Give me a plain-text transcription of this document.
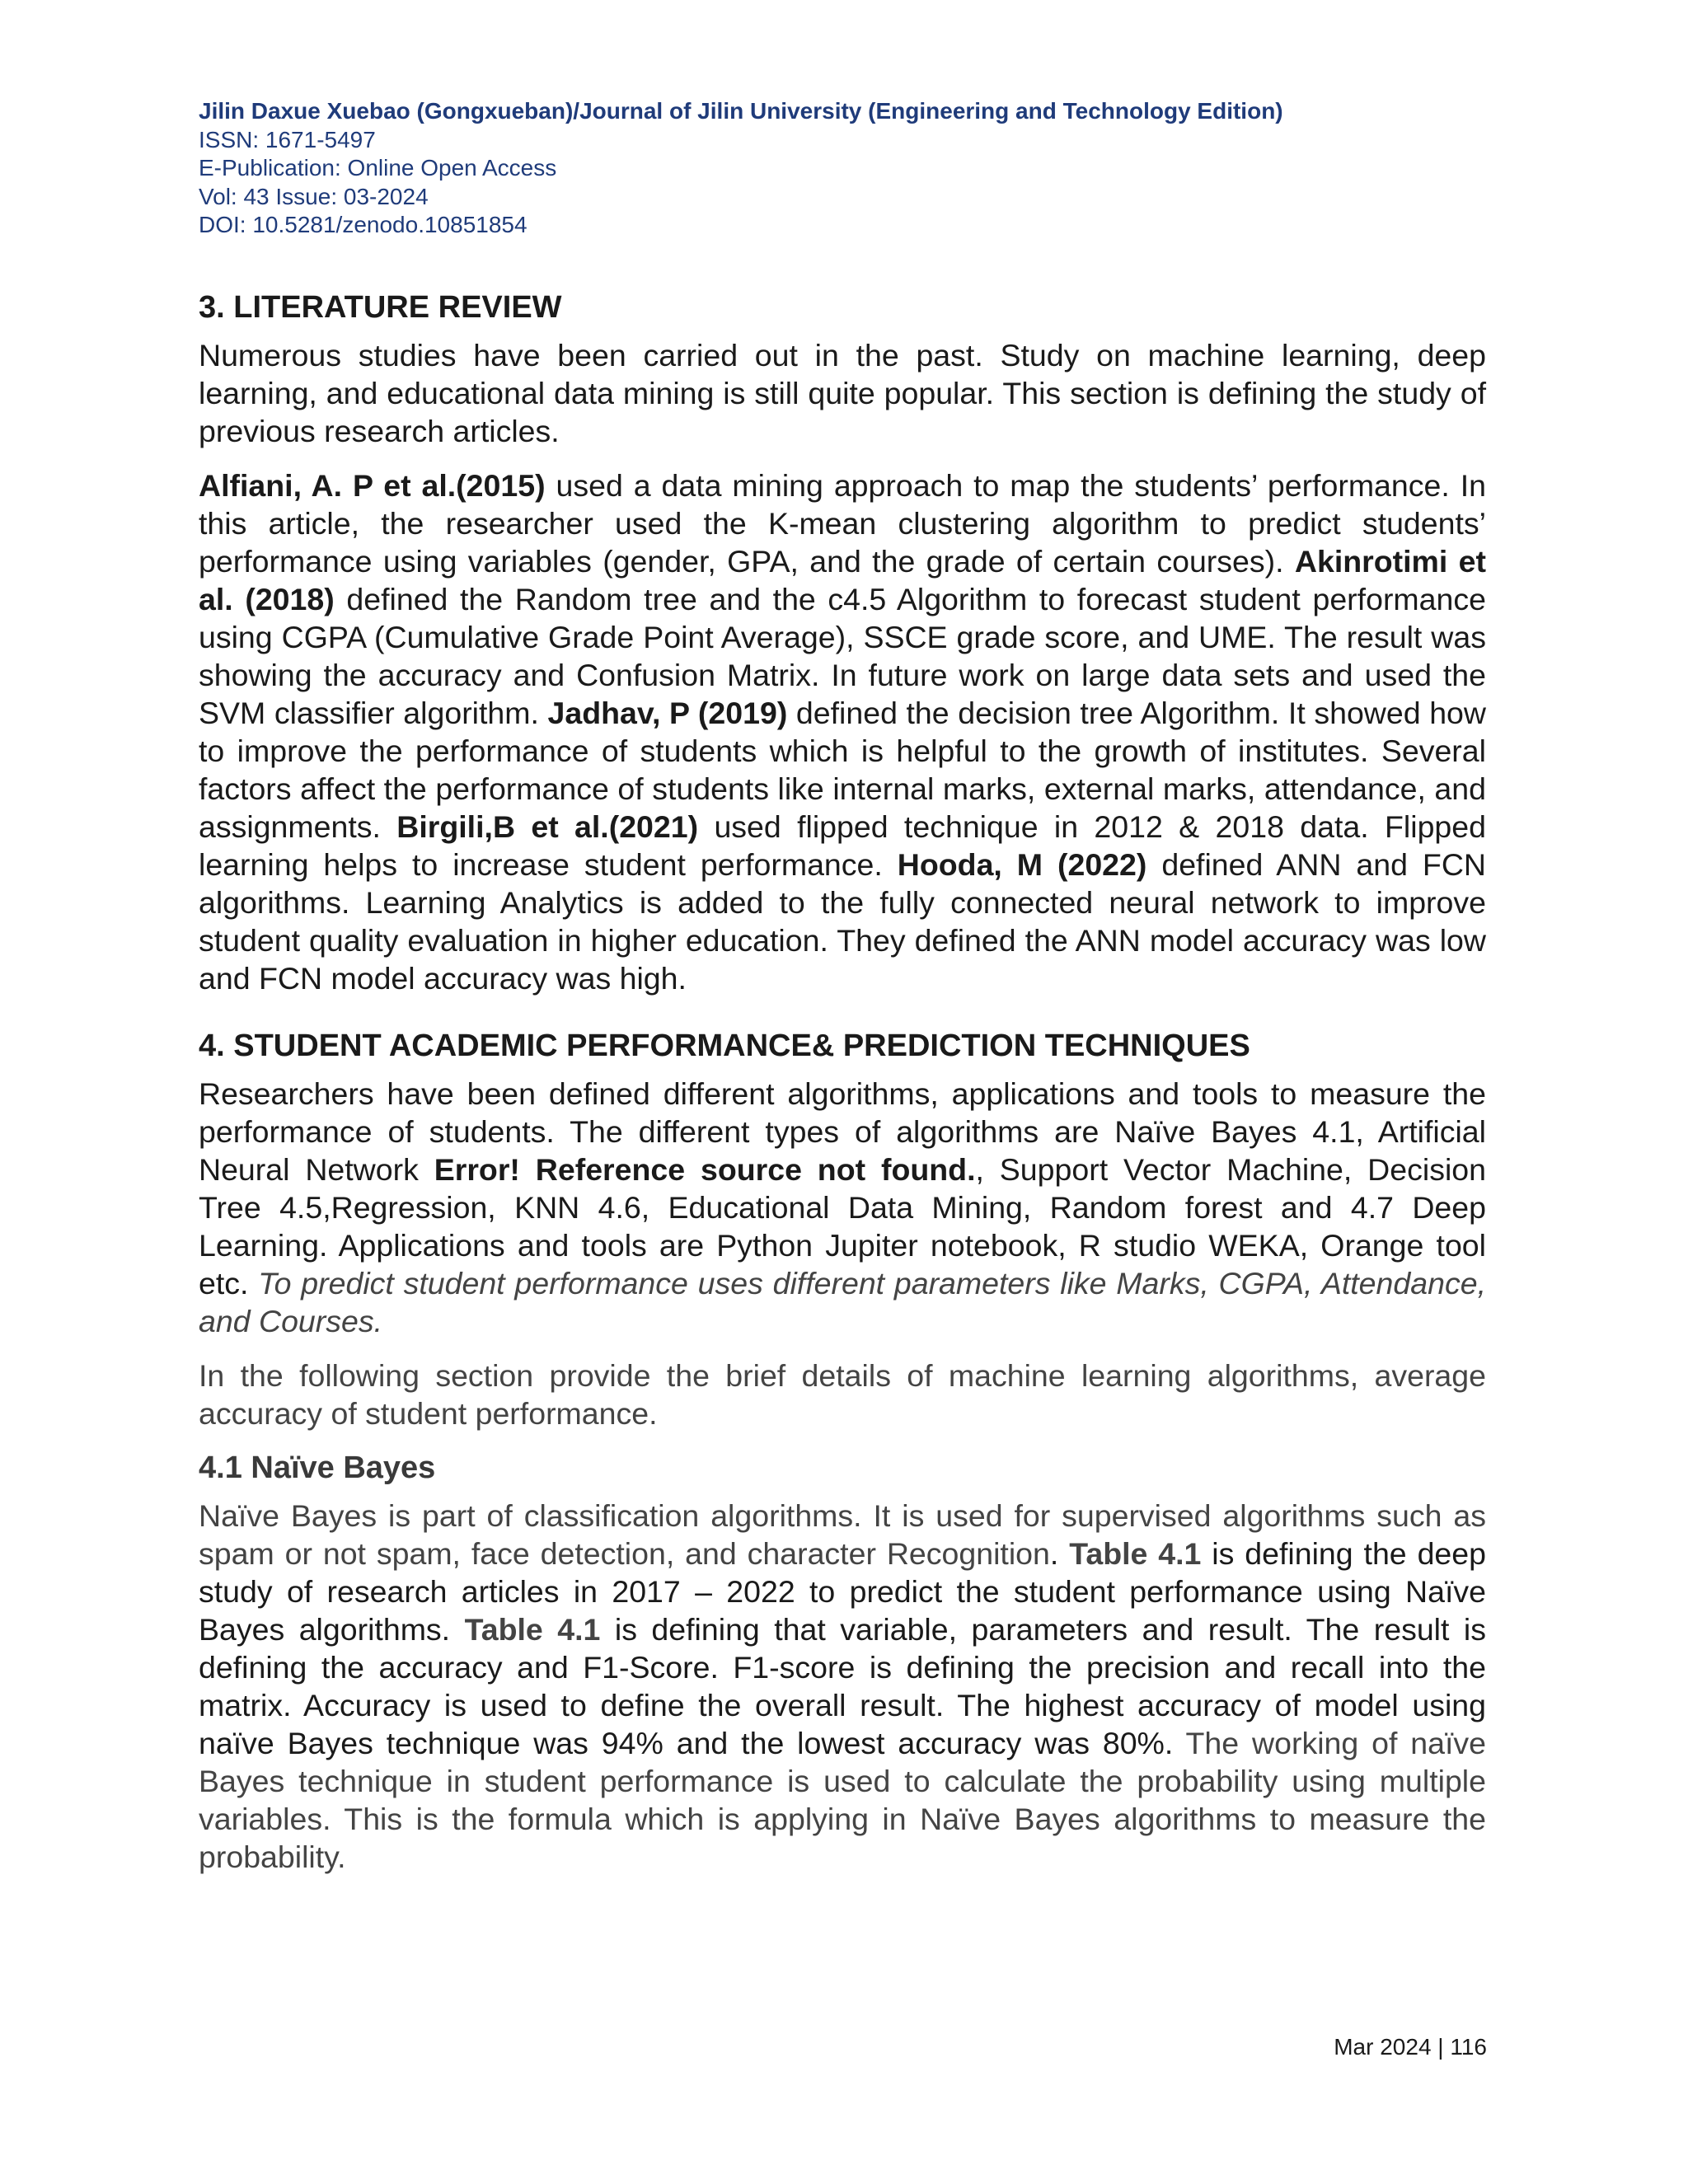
Jilin Daxue Xuebao (Gongxueban)/Journal of Jilin University (Engineering and Technology Edition)
ISSN: 1671-5497
E-Publication: Online Open Access
Vol: 43 Issue: 03-2024
DOI: 10.5281/zenodo.10851854
3. LITERATURE REVIEW

Numerous studies have been carried out in the past. Study on machine learning, deep learning, and educational data mining is still quite popular. This section is defining the study of previous research articles.

Alfiani, A. P et al.(2015) used a data mining approach to map the students’ performance. In this article, the researcher used the K-mean clustering algorithm to predict students’ performance using variables (gender, GPA, and the grade of certain courses). Akinrotimi et al. (2018) defined the Random tree and the c4.5 Algorithm to forecast student performance using CGPA (Cumulative Grade Point Average), SSCE grade score, and UME. The result was showing the accuracy and Confusion Matrix. In future work on large data sets and used the SVM classifier algorithm. Jadhav, P (2019) defined the decision tree Algorithm. It showed how to improve the performance of students which is helpful to the growth of institutes. Several factors affect the performance of students like internal marks, external marks, attendance, and assignments. Birgili,B et al.(2021) used flipped technique in 2012 & 2018 data. Flipped learning helps to increase student performance. Hooda, M (2022) defined ANN and FCN algorithms. Learning Analytics is added to the fully connected neural network to improve student quality evaluation in higher education. They defined the ANN model accuracy was low and FCN model accuracy was high.

4. STUDENT ACADEMIC PERFORMANCE& PREDICTION TECHNIQUES

Researchers have been defined different algorithms, applications and tools to measure the performance of students. The different types of algorithms are Naïve Bayes 4.1, Artificial Neural Network Error! Reference source not found., Support Vector Machine, Decision Tree 4.5,Regression, KNN 4.6, Educational Data Mining, Random forest and 4.7 Deep Learning. Applications and tools are Python Jupiter notebook, R studio WEKA, Orange tool etc. To predict student performance uses different parameters like Marks, CGPA, Attendance, and Courses.

In the following section provide the brief details of machine learning algorithms, average accuracy of student performance.

4.1 Naïve Bayes

Naïve Bayes is part of classification algorithms. It is used for supervised algorithms such as spam or not spam, face detection, and character Recognition. Table 4.1 is defining the deep study of research articles in 2017 – 2022 to predict the student performance using Naïve Bayes algorithms. Table 4.1 is defining that variable, parameters and result. The result is defining the accuracy and F1-Score. F1-score is defining the precision and recall into the matrix. Accuracy is used to define the overall result. The highest accuracy of model using naïve Bayes technique was 94% and the lowest accuracy was 80%. The working of naïve Bayes technique in student performance is used to calculate the probability using multiple variables. This is the formula which is applying in Naïve Bayes algorithms to measure the probability.

Mar 2024 | 116
